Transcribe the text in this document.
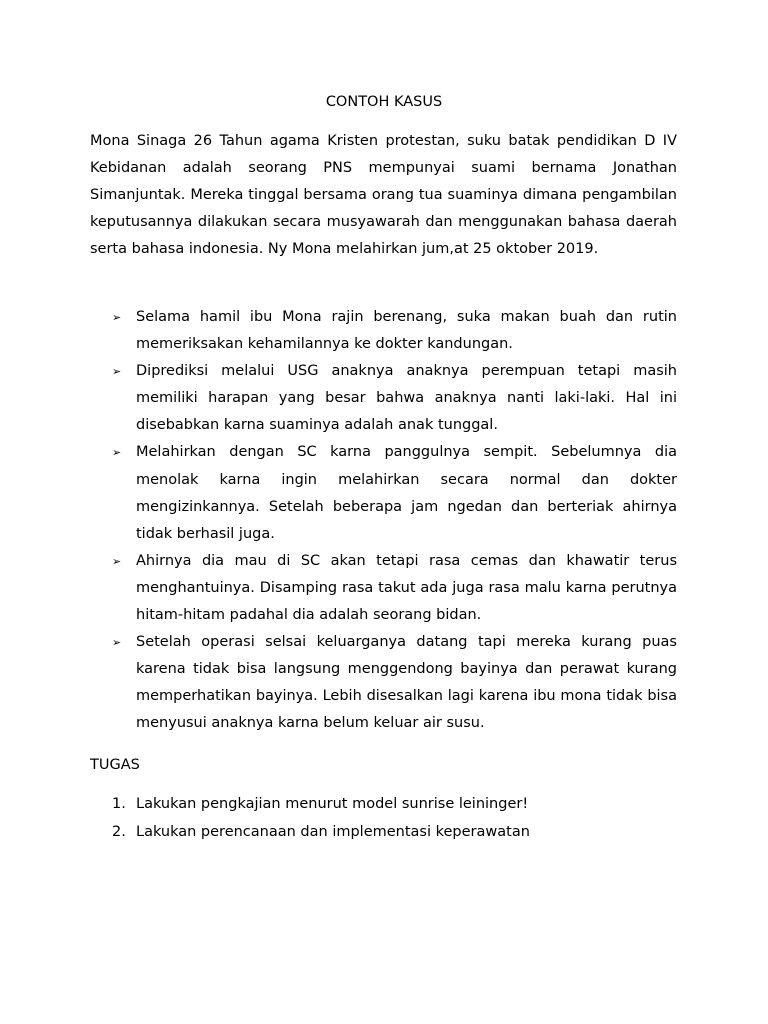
CONTOH KASUS

Mona Sinaga 26 Tahun agama Kristen protestan, suku batak pendidikan D IV Kebidanan adalah seorang PNS mempunyai suami bernama Jonathan Simanjuntak. Mereka tinggal bersama orang tua suaminya dimana pengambilan keputusannya dilakukan secara musyawarah dan menggunakan bahasa daerah serta bahasa indonesia. Ny Mona melahirkan jum,at 25 oktober 2019.

➢ Selama hamil ibu Mona rajin berenang, suka makan buah dan rutin memeriksakan kehamilannya ke dokter kandungan.
➢ Diprediksi melalui USG anaknya anaknya perempuan tetapi masih memiliki harapan yang besar bahwa anaknya nanti laki-laki. Hal ini disebabkan karna suaminya adalah anak tunggal.
➢ Melahirkan dengan SC karna panggulnya sempit. Sebelumnya dia menolak karna ingin melahirkan secara normal dan dokter mengizinkannya. Setelah beberapa jam ngedan dan berteriak ahirnya tidak berhasil juga.
➢ Ahirnya dia mau di SC akan tetapi rasa cemas dan khawatir terus menghantuinya. Disamping rasa takut ada juga rasa malu karna perutnya hitam-hitam padahal dia adalah seorang bidan.
➢ Setelah operasi selsai keluarganya datang tapi mereka kurang puas karena tidak bisa langsung menggendong bayinya dan perawat kurang memperhatikan bayinya. Lebih disesalkan lagi karena ibu mona tidak bisa menyusui anaknya karna belum keluar air susu.
TUGAS
1. Lakukan pengkajian menurut model sunrise leininger!
2. Lakukan perencanaan dan implementasi keperawatan
